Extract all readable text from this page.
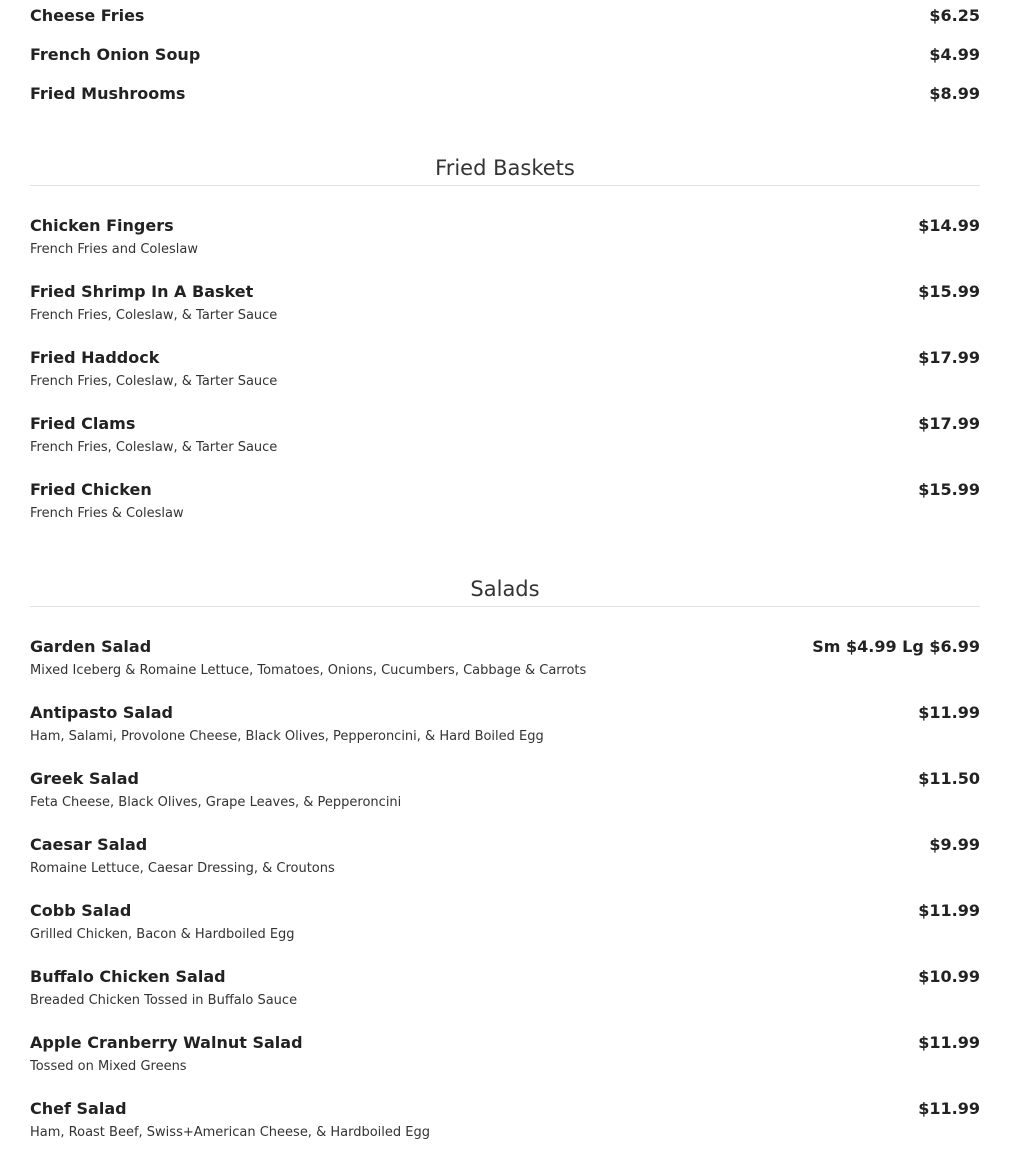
Cheese Fries	$6.25
French Onion Soup	$4.99
Fried Mushrooms	$8.99
Fried Baskets
Chicken Fingers	$14.99
French Fries and Coleslaw
Fried Shrimp In A Basket	$15.99
French Fries, Coleslaw, & Tarter Sauce
Fried Haddock	$17.99
French Fries, Coleslaw, & Tarter Sauce
Fried Clams	$17.99
French Fries, Coleslaw, & Tarter Sauce
Fried Chicken	$15.99
French Fries & Coleslaw
Salads
Garden Salad	Sm $4.99 Lg $6.99
Mixed Iceberg & Romaine Lettuce, Tomatoes, Onions, Cucumbers, Cabbage & Carrots
Antipasto Salad	$11.99
Ham, Salami, Provolone Cheese, Black Olives, Pepperoncini, & Hard Boiled Egg
Greek Salad	$11.50
Feta Cheese, Black Olives, Grape Leaves, & Pepperoncini
Caesar Salad	$9.99
Romaine Lettuce, Caesar Dressing, & Croutons
Cobb Salad	$11.99
Grilled Chicken, Bacon & Hardboiled Egg
Buffalo Chicken Salad	$10.99
Breaded Chicken Tossed in Buffalo Sauce
Apple Cranberry Walnut Salad	$11.99
Tossed on Mixed Greens
Chef Salad	$11.99
Ham, Roast Beef, Swiss+American Cheese, & Hardboiled Egg
